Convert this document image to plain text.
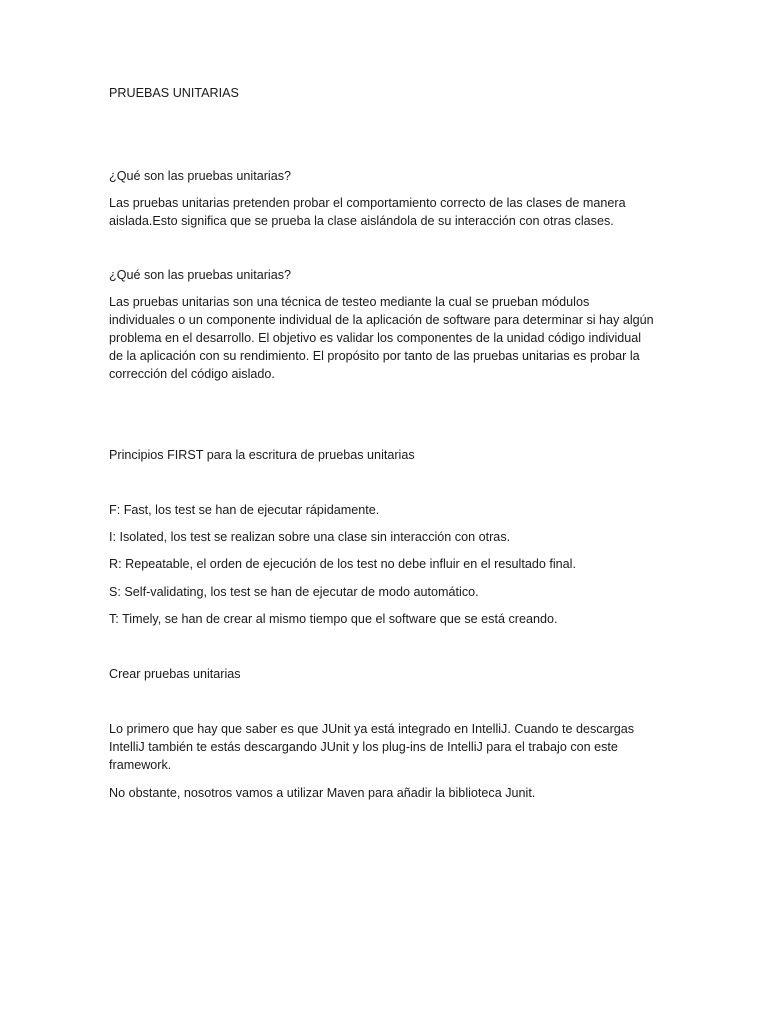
PRUEBAS UNITARIAS

¿Qué son las pruebas unitarias?

Las pruebas unitarias pretenden probar el comportamiento correcto de las clases de manera aislada.Esto significa que se prueba la clase aislándola de su interacción con otras clases.

¿Qué son las pruebas unitarias?

Las pruebas unitarias son una técnica de testeo mediante la cual se prueban módulos individuales o un componente individual de la aplicación de software para determinar si hay algún problema en el desarrollo. El objetivo es validar los componentes de la unidad código individual de la aplicación con su rendimiento. El propósito por tanto de las pruebas unitarias es probar la corrección del código aislado.

Principios FIRST para la escritura de pruebas unitarias

F: Fast, los test se han de ejecutar rápidamente.

I: Isolated, los test se realizan sobre una clase sin interacción con otras.

R: Repeatable, el orden de ejecución de los test no debe influir en el resultado final.

S: Self-validating, los test se han de ejecutar de modo automático.

T: Timely, se han de crear al mismo tiempo que el software que se está creando.

Crear pruebas unitarias

Lo primero que hay que saber es que JUnit ya está integrado en IntelliJ. Cuando te descargas IntelliJ también te estás descargando JUnit y los plug-ins de IntelliJ para el trabajo con este framework.

No obstante, nosotros vamos a utilizar Maven para añadir la biblioteca Junit.
